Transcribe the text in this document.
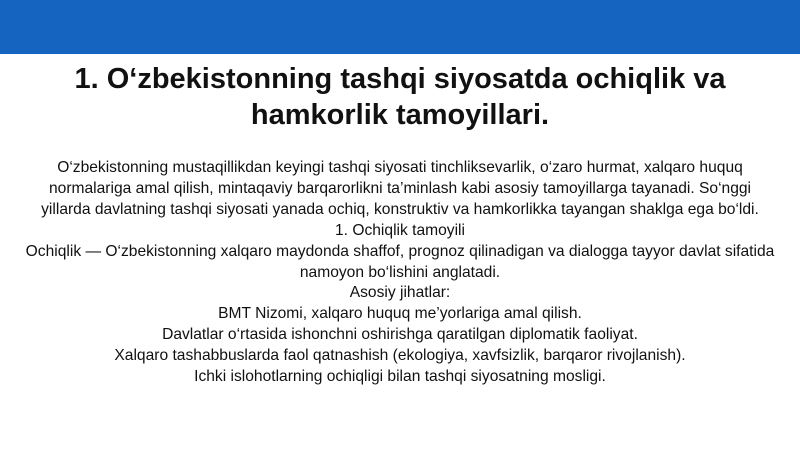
1. O‘zbekistonning tashqi siyosatda ochiqlik va hamkorlik tamoyillari.

O‘zbekistonning mustaqillikdan keyingi tashqi siyosati tinchliksevarlik, o‘zaro hurmat, xalqaro huquq normalariga amal qilish, mintaqaviy barqarorlikni ta’minlash kabi asosiy tamoyillarga tayanadi. So‘nggi yillarda davlatning tashqi siyosati yanada ochiq, konstruktiv va hamkorlikka tayangan shaklga ega bo‘ldi.

1. Ochiqlik tamoyili

Ochiqlik — O‘zbekistonning xalqaro maydonda shaffof, prognoz qilinadigan va dialogga tayyor davlat sifatida namoyon bo‘lishini anglatadi.

Asosiy jihatlar:

BMT Nizomi, xalqaro huquq me’yorlariga amal qilish.

Davlatlar o‘rtasida ishonchni oshirishga qaratilgan diplomatik faoliyat.

Xalqaro tashabbuslarda faol qatnashish (ekologiya, xavfsizlik, barqaror rivojlanish).

Ichki islohotlarning ochiqligi bilan tashqi siyosatning mosligi.
